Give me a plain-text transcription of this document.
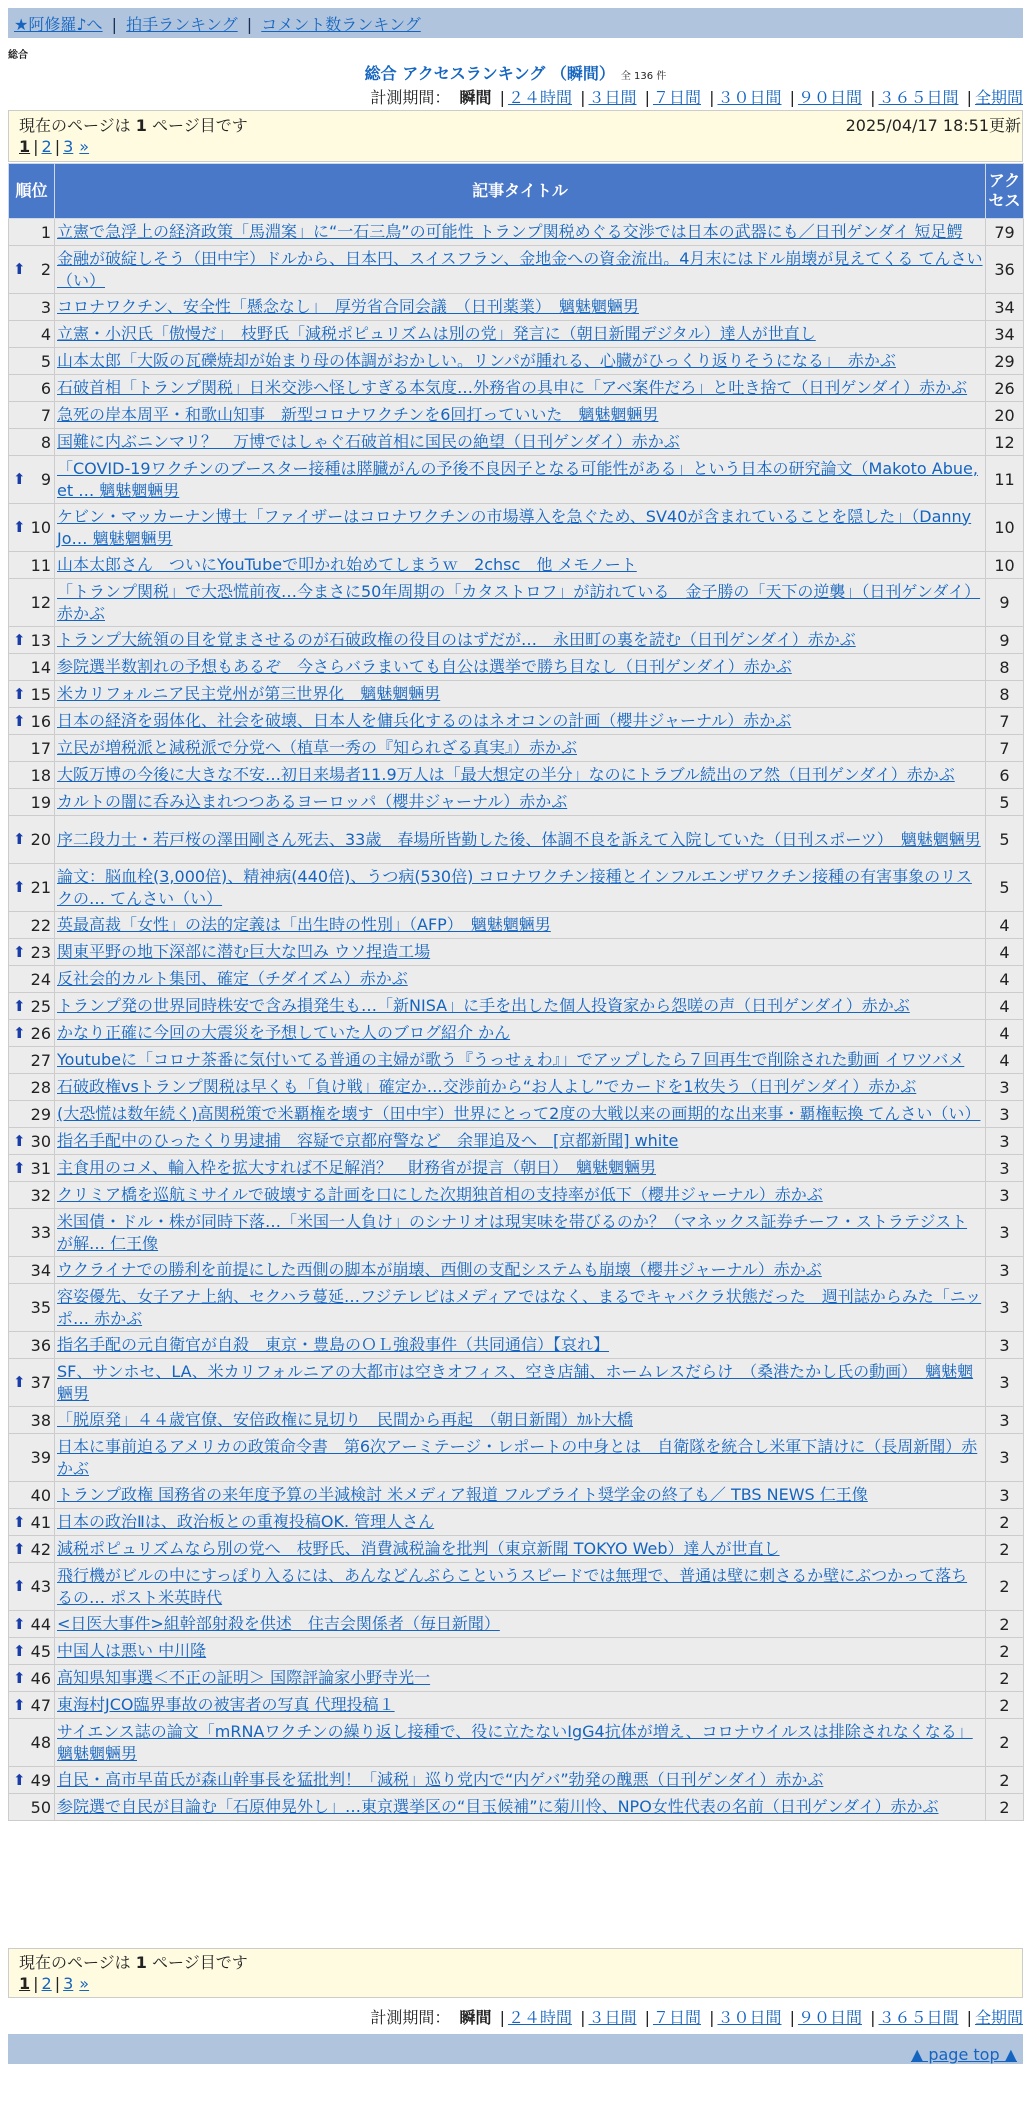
★阿修羅♪へ | 拍手ランキング | コメント数ランキング
総合
総合 アクセスランキング （瞬間） 全 136 件
計測期間： 瞬間 | ２４時間 | ３日間 | ７日間 | ３０日間 | ９０日間 | ３６５日間 | 全期間
現在のページは 1 ページ目です	2025/04/17 18:51更新
1 | 2 | 3 »
順位	記事タイトル	アクセス
1	立憲で急浮上の経済政策「馬淵案」に“一石三鳥”の可能性 トランプ関税めぐる交渉では日本の武器にも／日刊ゲンダイ 短足鰐	79

⬆ 2	金融が破綻しそう（田中宇）ドルから、日本円、スイスフラン、金地金への資金流出。4月末にはドル崩壊が見えてくる てんさい（い）	36
3	コロナワクチン、安全性「懸念なし」　厚労省合同会議　（日刊薬業）　魑魅魍魎男	34
4	立憲・小沢氏「傲慢だ」　枝野氏「減税ポピュリズムは別の党」発言に（朝日新聞デジタル）達人が世直し	34
5	山本太郎「大阪の瓦礫焼却が始まり母の体調がおかしい。リンパが腫れる、心臓がひっくり返りそうになる」　赤かぶ	29
6	石破首相「トランプ関税」日米交渉へ怪しすぎる本気度…外務省の具申に「アベ案件だろ」と吐き捨て（日刊ゲンダイ）赤かぶ	26
7	急死の岸本周平・和歌山知事　新型コロナワクチンを6回打っていいた　魑魅魍魎男	20
8	国難に内ぶニンマリ？　万博ではしゃぐ石破首相に国民の絶望（日刊ゲンダイ）赤かぶ	12

⬆ 9	「COVID-19ワクチンのブースター接種は膵臓がんの予後不良因子となる可能性がある」という日本の研究論文（Makoto Abue, et … 魑魅魍魎男	11

⬆ 10	ケビン・マッカーナン博士「ファイザーはコロナワクチンの市場導入を急ぐため、SV40が含まれていることを隠した」（Danny Jo… 魑魅魍魎男	10
11	山本太郎さん　ついにYouTubeで叩かれ始めてしまうｗ　2chsc　他 メモノート	10
12	「トランプ関税」で大恐慌前夜…今まさに50年周期の「カタストロフ」が訪れている　金子勝の「天下の逆襲」（日刊ゲンダイ）赤かぶ	9

⬆ 13	トランプ大統領の目を覚まさせるのが石破政権の役目のはずだが…　永田町の裏を読む（日刊ゲンダイ）赤かぶ	9
14	参院選半数割れの予想もあるぞ　今さらバラまいても自公は選挙で勝ち目なし（日刊ゲンダイ）赤かぶ	8

⬆ 15	米カリフォルニア民主党州が第三世界化　魑魅魍魎男	8

⬆ 16	日本の経済を弱体化、社会を破壊、日本人を傭兵化するのはネオコンの計画（櫻井ジャーナル）赤かぶ	7
17	立民が増税派と減税派で分党へ（植草一秀の『知られざる真実』）赤かぶ	7
18	大阪万博の今後に大きな不安…初日来場者11.9万人は「最大想定の半分」なのにトラブル続出のア然（日刊ゲンダイ）赤かぶ	6
19	カルトの闇に呑み込まれつつあるヨーロッパ（櫻井ジャーナル）赤かぶ	5

⬆ 20	序二段力士・若戸桜の澤田剛さん死去、33歳　春場所皆勤した後、体調不良を訴えて入院していた（日刊スポーツ）　魑魅魍魎男	5

⬆ 21	論文：脳血栓(3,000倍)、精神病(440倍)、うつ病(530倍) コロナワクチン接種とインフルエンザワクチン接種の有害事象のリスクの… てんさい（い）	5
22	英最高裁「女性」の法的定義は「出生時の性別」（AFP）　魑魅魍魎男	4

⬆ 23	関東平野の地下深部に潜む巨大な凹み ウソ捏造工場	4
24	反社会的カルト集団、確定（チダイズム）赤かぶ	4

⬆ 25	トランプ発の世界同時株安で含み損発生も…「新NISA」に手を出した個人投資家から怨嗟の声（日刊ゲンダイ）赤かぶ	4

⬆ 26	かなり正確に今回の大震災を予想していた人のブログ紹介 かん	4
27	Youtubeに「コロナ茶番に気付いてる普通の主婦が歌う『うっせぇわ』」でアップしたら７回再生で削除された動画 イワツバメ	4
28	石破政権vsトランプ関税は早くも「負け戦」確定か…交渉前から“お人よし”でカードを1枚失う（日刊ゲンダイ）赤かぶ	3
29	(大恐慌は数年続く)高関税策で米覇権を壊す（田中宇）世界にとって2度の大戦以来の画期的な出来事・覇権転換 てんさい（い）	3

⬆ 30	指名手配中のひったくり男逮捕　容疑で京都府警など　余罪追及へ　[京都新聞] white	3

⬆ 31	主食用のコメ、輸入枠を拡大すれば不足解消？　財務省が提言（朝日）　魑魅魍魎男	3
32	クリミア橋を巡航ミサイルで破壊する計画を口にした次期独首相の支持率が低下（櫻井ジャーナル）赤かぶ	3
33	米国債・ドル・株が同時下落…「米国一人負け」のシナリオは現実味を帯びるのか？（マネックス証券チーフ・ストラテジスト が解… 仁王像	3
34	ウクライナでの勝利を前提にした西側の脚本が崩壊、西側の支配システムも崩壊（櫻井ジャーナル）赤かぶ	3
35	容姿優先、女子アナ上納、セクハラ蔓延…フジテレビはメディアではなく、まるでキャバクラ状態だった　週刊誌からみた「ニッポ… 赤かぶ	3
36	指名手配の元自衛官が自殺　東京・豊島のＯＬ強殺事件（共同通信）【哀れ】	3

⬆ 37	SF、サンホセ、LA、米カリフォルニアの大都市は空きオフィス、空き店舗、ホームレスだらけ　（桑港たかし氏の動画）　魑魅魍魎男	3
38	「脱原発」４４歳官僚、安倍政権に見切り　民間から再起　（朝日新聞）ｶﾙﾄ大橋	3
39	日本に事前迫るアメリカの政策命令書　第6次アーミテージ・レポートの中身とは　自衛隊を統合し米軍下請けに（長周新聞）赤かぶ	3
40	トランプ政権 国務省の来年度予算の半減検討 米メディア報道 フルブライト奨学金の終了も／ TBS NEWS 仁王像	3

⬆ 41	日本の政治Ⅱは、政治板との重複投稿OK. 管理人さん	2

⬆ 42	減税ポピュリズムなら別の党へ　枝野氏、消費減税論を批判（東京新聞 TOKYO Web）達人が世直し	2

⬆ 43	飛行機がビルの中にすっぽり入るには、あんなどんぶらこというスピードでは無理で、普通は壁に刺さるか壁にぶつかって落ちるの… ポスト米英時代	2

⬆ 44	<日医大事件>組幹部射殺を供述　住吉会関係者（毎日新聞）	2

⬆ 45	中国人は悪い 中川隆	2

⬆ 46	高知県知事選＜不正の証明＞ 国際評論家小野寺光一	2

⬆ 47	東海村JCO臨界事故の被害者の写真 代理投稿１	2
48	サイエンス誌の論文「mRNAワクチンの繰り返し接種で、役に立たないIgG4抗体が増え、コロナウイルスは排除されなくなる」魑魅魍魎男	2

⬆ 49	自民・高市早苗氏が森山幹事長を猛批判！「減税」巡り党内で“内ゲバ”勃発の醜悪（日刊ゲンダイ）赤かぶ	2
50	参院選で自民が目論む「石原伸晃外し」…東京選挙区の“目玉候補”に菊川怜、NPO女性代表の名前（日刊ゲンダイ）赤かぶ	2
現在のページは 1 ページ目です
1 | 2 | 3 »
計測期間： 瞬間 | ２４時間 | ３日間 | ７日間 | ３０日間 | ９０日間 | ３６５日間 | 全期間
▲ page top ▲
